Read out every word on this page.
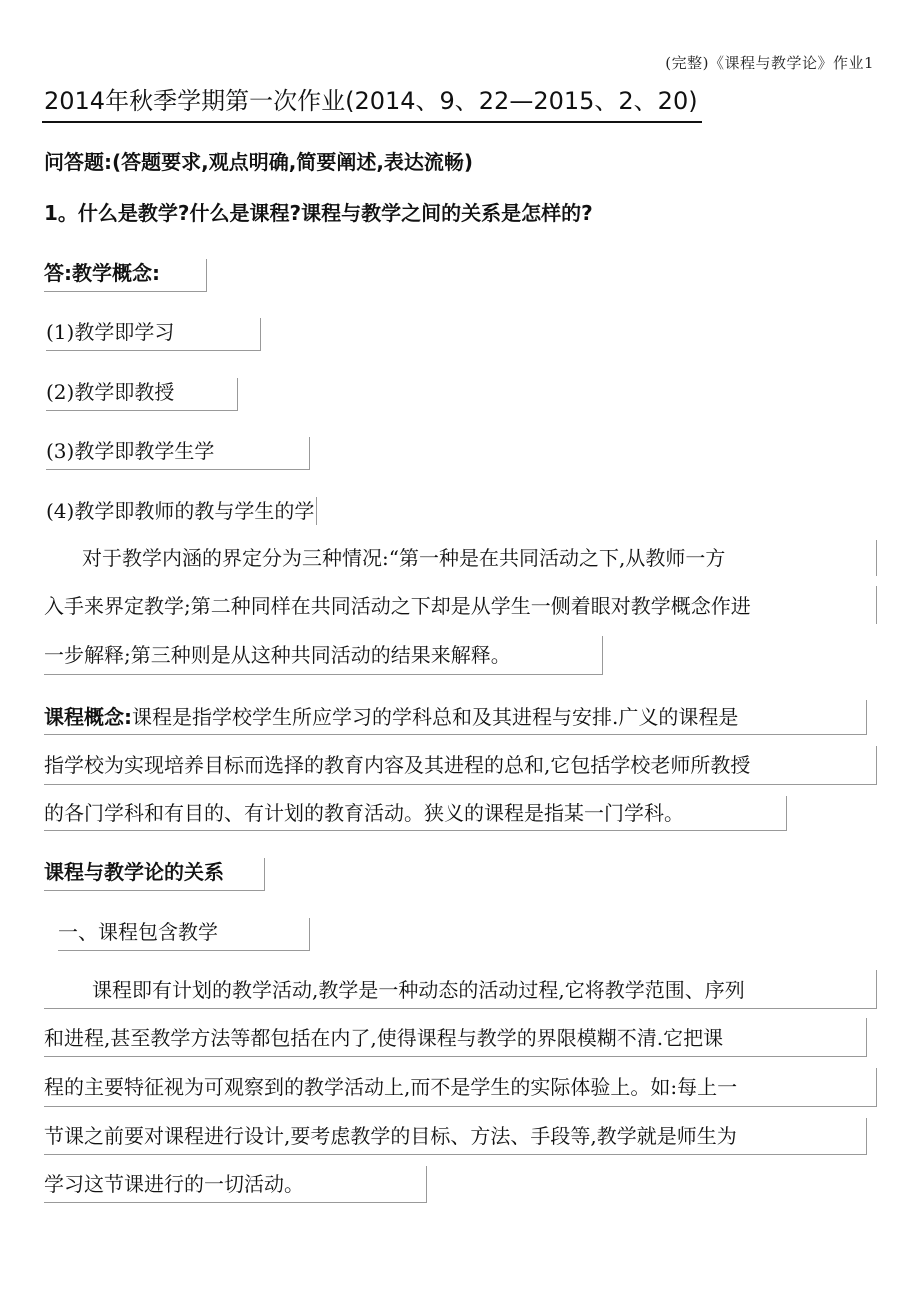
(完整)《课程与教学论》作业1
2014年秋季学期第一次作业(2014、9、22—2015、2、20)
问答题:(答题要求,观点明确,简要阐述,表达流畅)
1。什么是教学?什么是课程?课程与教学之间的关系是怎样的?
答:教学概念:
(1)教学即学习
(2)教学即教授
(3)教学即教学生学
(4)教学即教师的教与学生的学
对于教学内涵的界定分为三种情况:“第一种是在共同活动之下,从教师一方
入手来界定教学;第二种同样在共同活动之下却是从学生一侧着眼对教学概念作进
一步解释;第三种则是从这种共同活动的结果来解释。
课程概念:课程是指学校学生所应学习的学科总和及其进程与安排.广义的课程是
指学校为实现培养目标而选择的教育内容及其进程的总和,它包括学校老师所教授
的各门学科和有目的、有计划的教育活动。狭义的课程是指某一门学科。
课程与教学论的关系
一、课程包含教学
课程即有计划的教学活动,教学是一种动态的活动过程,它将教学范围、序列
和进程,甚至教学方法等都包括在内了,使得课程与教学的界限模糊不清.它把课
程的主要特征视为可观察到的教学活动上,而不是学生的实际体验上。如:每上一
节课之前要对课程进行设计,要考虑教学的目标、方法、手段等,教学就是师生为
学习这节课进行的一切活动。
